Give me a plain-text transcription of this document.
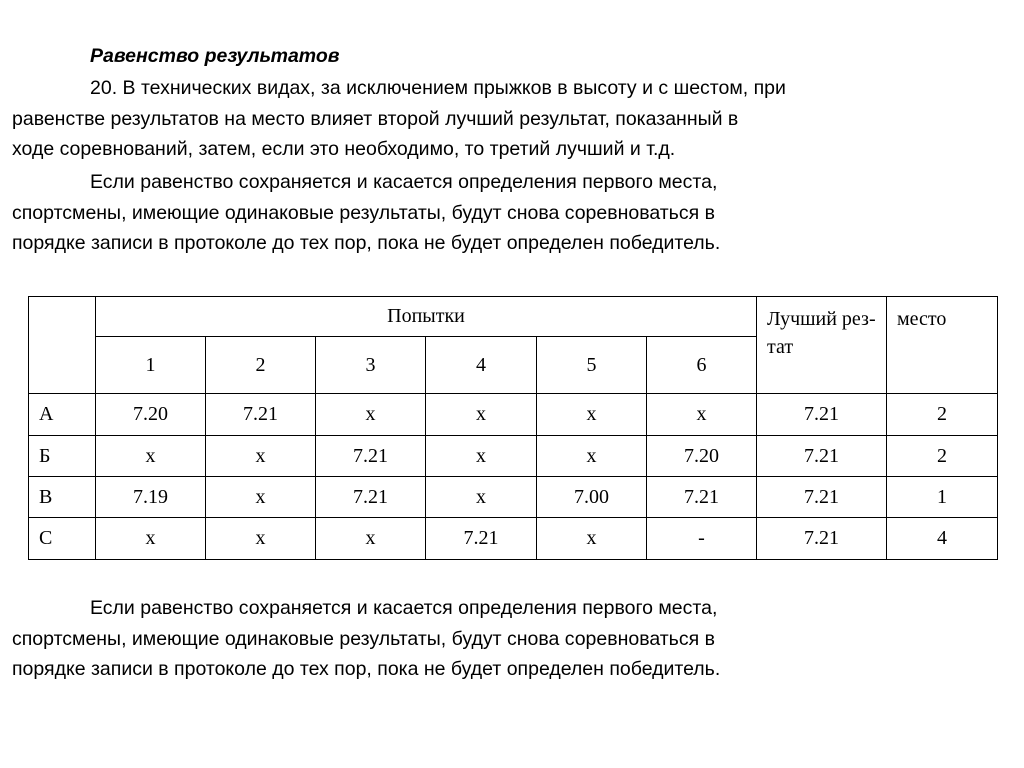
Равенство результатов

20. В технических видах, за исключением прыжков в высоту и с шестом, при
равенстве результатов на место влияет второй лучший результат, показанный в
ходе соревнований, затем, если это необходимо, то третий лучший и т.д.

Если равенство сохраняется и касается определения первого места,
спортсмены, имеющие одинаковые результаты, будут снова соревноваться в
порядке записи в протоколе до тех пор, пока не будет определен победитель.

	Попытки						Лучший рез-тат	место
	1	2	3	4	5	6		
А	7.20	7.21	x	x	x	x	7.21	2
Б	x	x	7.21	x	x	7.20	7.21	2
В	7.19	x	7.21	x	7.00	7.21	7.21	1
С	x	x	x	7.21	x	-	7.21	4

Если равенство сохраняется и касается определения первого места,
спортсмены, имеющие одинаковые результаты, будут снова соревноваться в
порядке записи в протоколе до тех пор, пока не будет определен победитель.
